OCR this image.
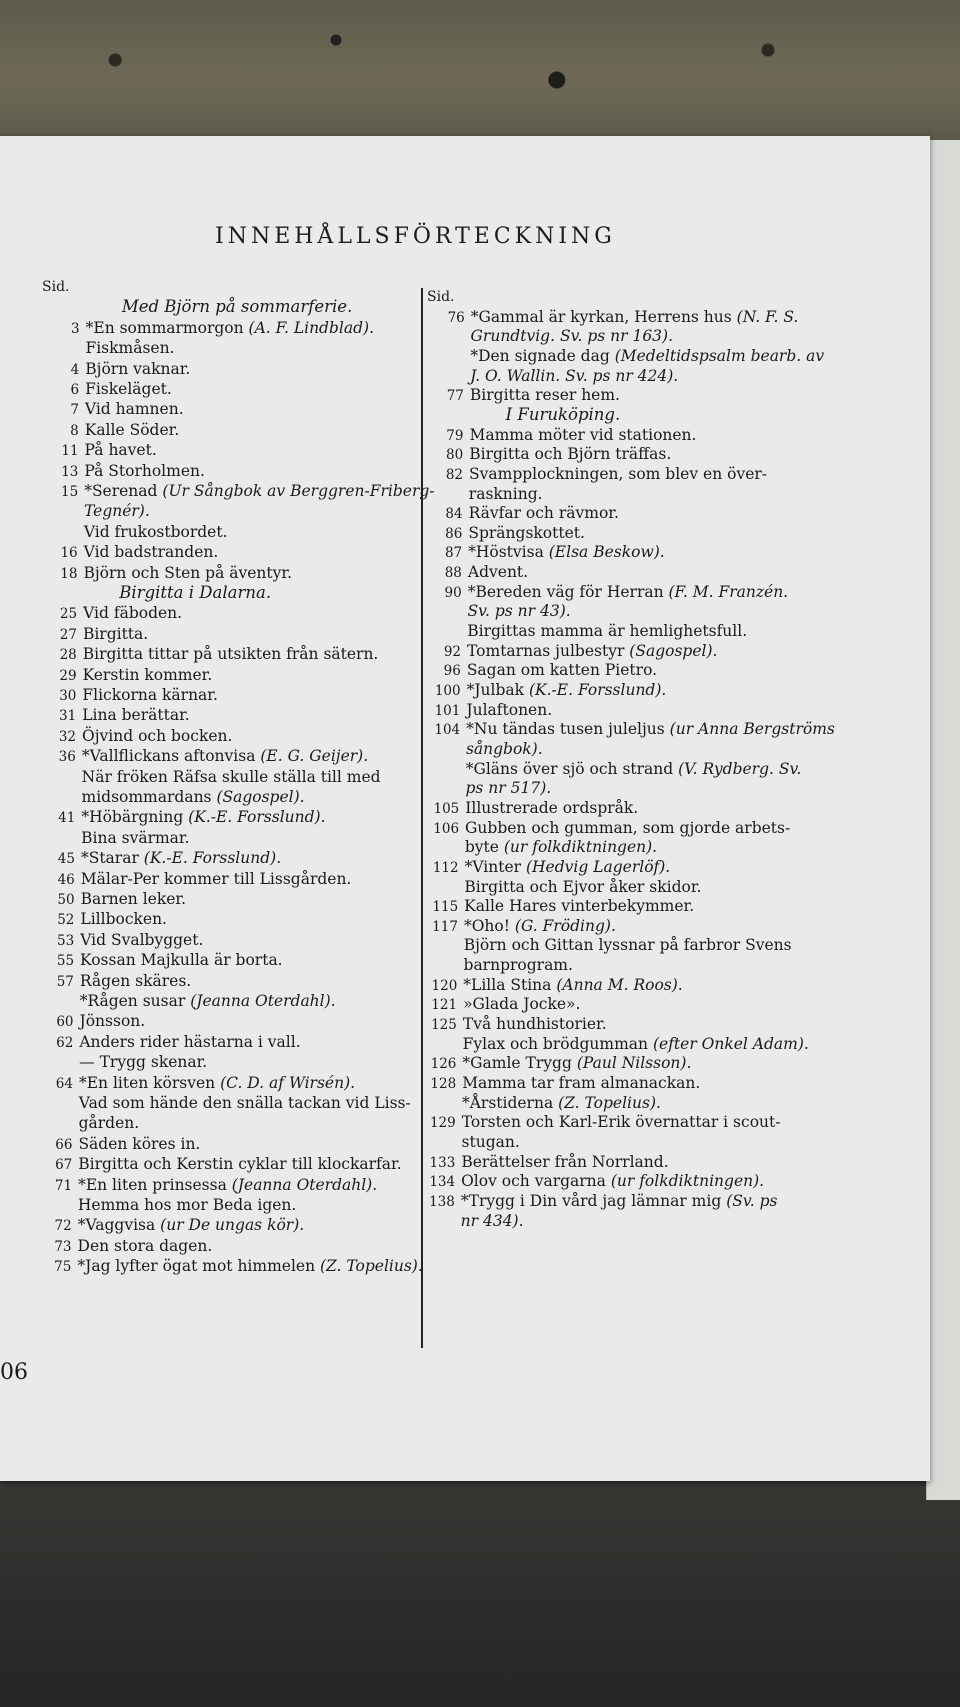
INNEHÅLLSFÖRTECKNING
Sid.
Med Björn på sommarferie.
3 *En sommarmorgon (A. F. Lindblad).
Fiskmåsen.
4 Björn vaknar.
6 Fiskeläget.
7 Vid hamnen.
8 Kalle Söder.
11 På havet.
13 På Storholmen.
15 *Serenad (Ur Sångbok av Berggren-Friberg-
Tegnér).
Vid frukostbordet.
16 Vid badstranden.
18 Björn och Sten på äventyr.
Birgitta i Dalarna.
25 Vid fäboden.
27 Birgitta.
28 Birgitta tittar på utsikten från sätern.
29 Kerstin kommer.
30 Flickorna kärnar.
31 Lina berättar.
32 Öjvind och bocken.
36 *Vallflickans aftonvisa (E. G. Geijer).
När fröken Räfsa skulle ställa till med
midsommardans (Sagospel).
41 *Höbärgning (K.-E. Forsslund).
Bina svärmar.
45 *Starar (K.-E. Forsslund).
46 Mälar-Per kommer till Lissgården.
50 Barnen leker.
52 Lillbocken.
53 Vid Svalbygget.
55 Kossan Majkulla är borta.
57 Rågen skäres.
*Rågen susar (Jeanna Oterdahl).
60 Jönsson.
62 Anders rider hästarna i vall.
— Trygg skenar.
64 *En liten körsven (C. D. af Wirsén).
Vad som hände den snälla tackan vid Liss-
gården.
66 Säden köres in.
67 Birgitta och Kerstin cyklar till klockarfar.
71 *En liten prinsessa (Jeanna Oterdahl).
Hemma hos mor Beda igen.
72 *Vaggvisa (ur De ungas kör).
73 Den stora dagen.
75 *Jag lyfter ögat mot himmelen (Z. Topelius).
Sid.
76 *Gammal är kyrkan, Herrens hus (N. F. S.
Grundtvig. Sv. ps nr 163).
*Den signade dag (Medeltidspsalm bearb. av
J. O. Wallin. Sv. ps nr 424).
77 Birgitta reser hem.
I Furuköping.
79 Mamma möter vid stationen.
80 Birgitta och Björn träffas.
82 Svampplockningen, som blev en över-
raskning.
84 Rävfar och rävmor.
86 Sprängskottet.
87 *Höstvisa (Elsa Beskow).
88 Advent.
90 *Bereden väg för Herran (F. M. Franzén.
Sv. ps nr 43).
Birgittas mamma är hemlighetsfull.
92 Tomtarnas julbestyr (Sagospel).
96 Sagan om katten Pietro.
100 *Julbak (K.-E. Forsslund).
101 Julaftonen.
104 *Nu tändas tusen juleljus (ur Anna Bergströms
sångbok).
*Gläns över sjö och strand (V. Rydberg. Sv.
ps nr 517).
105 Illustrerade ordspråk.
106 Gubben och gumman, som gjorde arbets-
byte (ur folkdiktningen).
112 *Vinter (Hedvig Lagerlöf).
Birgitta och Ejvor åker skidor.
115 Kalle Hares vinterbekymmer.
117 *Oho! (G. Fröding).
Björn och Gittan lyssnar på farbror Svens
barnprogram.
120 *Lilla Stina (Anna M. Roos).
121 »Glada Jocke».
125 Två hundhistorier.
Fylax och brödgumman (efter Onkel Adam).
126 *Gamle Trygg (Paul Nilsson).
128 Mamma tar fram almanackan.
*Årstiderna (Z. Topelius).
129 Torsten och Karl-Erik övernattar i scout-
stugan.
133 Berättelser från Norrland.
134 Olov och vargarna (ur folkdiktningen).
138 *Trygg i Din vård jag lämnar mig (Sv. ps
nr 434).
06
